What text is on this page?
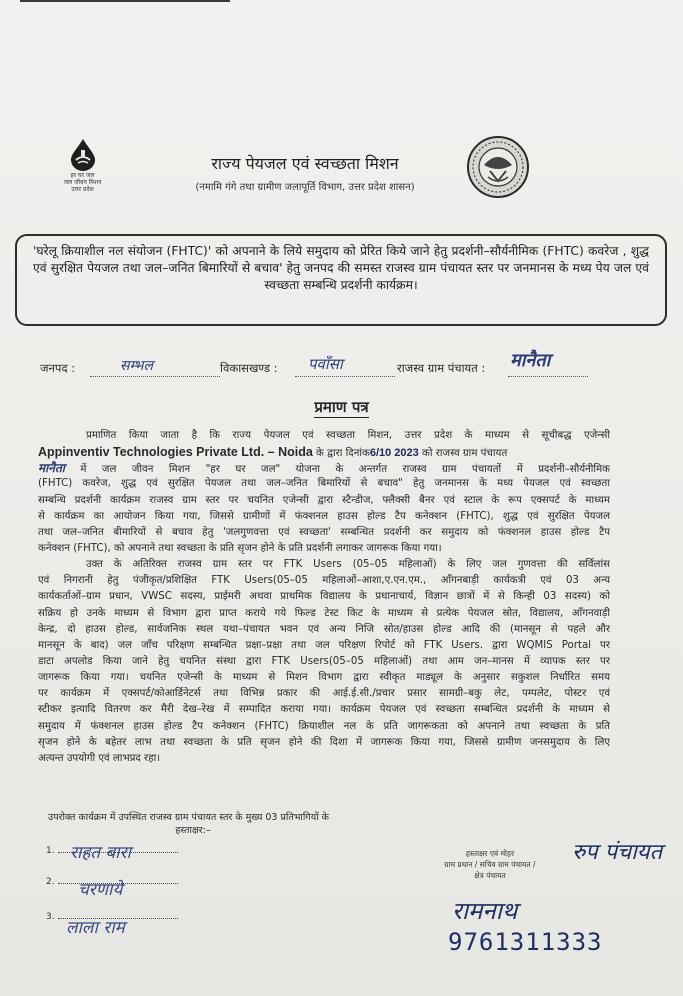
हर घर जल
जल जीवन मिशन
उत्तर प्रदेश
राज्य पेयजल एवं स्वच्छता मिशन
(नमामि गंगे तथा ग्रामीण जलापूर्ति विभाग, उत्तर प्रदेश शासन)

'घरेलू क्रियाशील नल संयोजन (FHTC)' को अपनाने के लिये समुदाय को प्रेरित किये जाने हेतु प्रदर्शनी–सौर्यनीमिक (FHTC) कवरेज , शुद्ध एवं सुरक्षित पेयजल तथा जल–जनित बिमारियों से बचाव' हेतु जनपद की समस्त राजस्व ग्राम पंचायत स्तर पर जनमानस के मध्य पेय जल एवं स्वच्छता सम्बन्धि प्रदर्शनी कार्यक्रम।

जनपद :	सम्भल	विकासखण्ड : पवाँसा	राजस्व ग्राम पंचायत : मानैता
प्रमाण पत्र
प्रमाणित किया जाता है कि राज्य पेयजल एवं स्वच्छता मिशन, उत्तर प्रदेश के माध्यम से सूचीबद्ध एजेन्सी
Appinventiv Technologies Private Ltd. – Noida के द्वारा दिनांक6/10 2023 को राजस्व ग्राम पंचायत
मानैता में जल जीवन मिशन "हर घर जल" योजना के अन्तर्गत राजस्व ग्राम पंचायतों में प्रदर्शनी–सौर्यनीमिक
(FHTC) कवरेज, शुद्ध एवं सुरक्षित पेयजल तथा जल–जनित बिमारियों से बचाव" हेतु जनमानस के मध्य पेयजल एवं स्वच्छता
सम्बन्धि प्रदर्शनी कार्यक्रम राजस्व ग्राम स्तर पर चयनित एजेन्सी द्वारा स्टैन्डीज, फ्लैक्सी बैनर एवं स्टाल के रूप एक्सपर्ट के माध्यम
से कार्यक्रम का आयोजन किया गया, जिससे ग्रामीणों में फंक्शनल हाउस होल्ड टैप कनेक्शन (FHTC), शुद्ध एवं सुरक्षित पेयजल
तथा जल–जनित बीमारियों से बचाव हेतु 'जलगुणवत्ता एवं स्वच्छता' सम्बन्धित प्रदर्शनी कर समुदाय को फंक्शनल हाउस होल्ड टैप
कनेक्शन (FHTC), को अपनाने तथा स्वच्छता के प्रति सृजन होने के प्रति प्रदर्शनी लगाकर जागरूक किया गया।
उक्त के अतिरिक्त राजस्व ग्राम स्तर पर FTK Users (05–05 महिलाओं) के लिए जल गुणवत्ता की सर्विलांस
एवं निगरानी हेतु पंजीकृत/प्रशिक्षित FTK Users(05–05 महिलाओं–आशा,ए.एन.एम., आँगनबाड़ी कार्यकत्री एवं 03 अन्य
कार्यकर्ताओं–ग्राम प्रधान, VWSC सदस्य, प्राईमरी अथवा प्राथमिक विद्यालय के प्रधानाचार्य, विज्ञान छात्रों में से किन्ही 03 सदस्य) को
सक्रिय हो उनके माध्यम से विभाग द्वारा प्राप्त कराये गये फिल्ड टेस्ट किट के माध्यम से प्रत्येक पेयजल स्रोत, विद्यालय, आँगनवाड़ी
केन्द्र, दो हाउस होल्ड, सार्वजनिक स्थल यथा–पंचायत भवन एवं अन्य निजि स्रोत/हाउस होल्ड आदि की (मानसून से पहले और
मानसून के बाद) जल जाँच परिक्षण सम्बन्धित प्रक्षा–प्रक्षा तथा जल परिक्षण रिपोर्ट को FTK Users. द्वारा WQMIS Portal पर
डाटा अपलोड किया जाने हेतु चयनित संस्था द्वारा FTK Users(05–05 महिलाओं) तथा आम जन–मानस में व्यापक स्तर पर
जागरूक किया गया। चयनित एजेन्सी के माध्यम से मिशन विभाग द्वारा स्वीकृत माड्यूल के अनुसार सकुशल निर्धारित समय
पर कार्यक्रम में एक्सपर्ट/कोआर्डिनेटर्स तथा विभिन्न प्रकार की आई.ई.सी./प्रचार प्रसार सामग्री–बकु लेट, पम्पलेट, पोस्टर एवं
स्टीकर इत्यादि वितरण कर मैरी देख–रेख में सम्पादित कराया गया। कार्यक्रम पेयजल एवं स्वच्छता सम्बन्धित प्रदर्शनी के माध्यम से
समुदाय में फंक्शनल हाउस होल्ड टैप कनेक्शन (FHTC) क्रियाशील नल के प्रति जागरूकता को अपनाने तथा स्वच्छता के प्रति
सृजन होने के बहेतर लाभ तथा स्वच्छता के प्रति सृजन होने की दिशा में जागरूक किया गया, जिससे ग्रामीण जनसमुदाय के लिए
अत्यन्त उपयोगी एवं लाभप्रद रहा।
उपरोक्त कार्यक्रम में उपस्थित राजस्व ग्राम पंचायत स्तर के मुख्य 03 प्रतिभागियों के
हस्ताक्षर:–
1. राहत बारा
2.	चरणाये
3.
लाला राम
हस्ताक्षर एवं मोहर
ग्राम प्रधान / सचिव ग्राम पंचायत /
क्षेत्र पंचायत
रुप पंचायत
रामनाथ
9761311333
